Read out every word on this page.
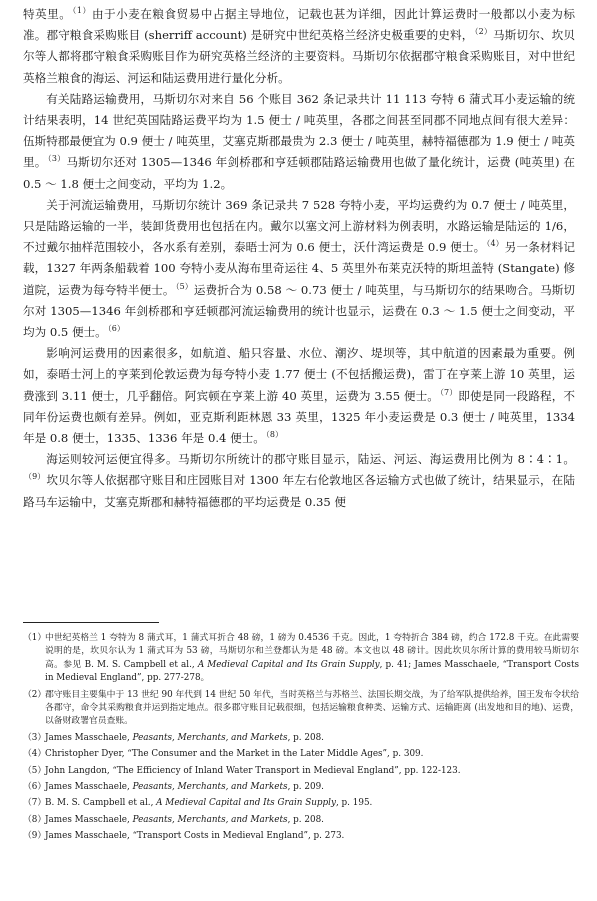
特英里。$^{(1)}$由于小麦在粮食贸易中占据主导地位，记载也甚为详细，因此计算运费时一般都以小麦为标准。郡守粮食采购账目 (sherriff account) 是研究中世纪英格兰经济史极重要的史料，$^{(2)}$马斯切尔、坎贝尔等人都将郡守粮食采购账目作为研究英格兰经济的主要资料。马斯切尔依据郡守粮食采购账目，对中世纪英格兰粮食的海运、河运和陆运费用进行量化分析。

有关陆路运输费用，马斯切尔对来自 56 个账目 362 条记录共计 11 113 夸特 6 蒲式耳小麦运输的统计结果表明，14 世纪英国陆路运费平均为 1.5 便士 / 吨英里，各郡之间甚至同郡不同地点间有很大差异：伍斯特郡最便宜为 0.9 便士 / 吨英里，艾塞克斯郡最贵为 2.3 便士 / 吨英里，赫特福德郡为 1.9 便士 / 吨英里。$^{(3)}$马斯切尔还对 1305—1346 年剑桥郡和亨廷顿郡陆路运输费用也做了量化统计，运费 (吨英里) 在 0.5 ～ 1.8 便士之间变动，平均为 1.2。

关于河流运输费用，马斯切尔统计 369 条记录共 7 528 夸特小麦，平均运费约为 0.7 便士 / 吨英里，只是陆路运输的一半，装卸货费用也包括在内。戴尔以塞文河上游材料为例表明，水路运输是陆运的 1/6，不过戴尔抽样范围较小，各水系有差别，泰晤士河为 0.6 便士，沃什湾运费是 0.9 便士。$^{(4)}$另一条材料记载，1327 年两条船载着 100 夸特小麦从海布里奇运往 4、5 英里外布莱克沃特的斯坦盖特 (Stangate) 修道院，运费为每夸特半便士。$^{(5)}$运费折合为 0.58 ～ 0.73 便士 / 吨英里，与马斯切尔的结果吻合。马斯切尔对 1305—1346 年剑桥郡和亨廷顿郡河流运输费用的统计也显示，运费在 0.3 ～ 1.5 便士之间变动，平均为 0.5 便士。$^{(6)}$

影响河运费用的因素很多，如航道、船只容量、水位、潮汐、堤坝等，其中航道的因素最为重要。例如，泰晤士河上的亨莱到伦敦运费为每夸特小麦 1.77 便士 (不包括搬运费)，雷丁在亨莱上游 10 英里，运费涨到 3.11 便士，几乎翻倍。阿宾顿在亨莱上游 40 英里，运费为 3.55 便士。$^{(7)}$即使是同一段路程，不同年份运费也颇有差异。例如，亚克斯利距林恩 33 英里，1325 年小麦运费是 0.3 便士 / 吨英里，1334 年是 0.8 便士，1335、1336 年是 0.4 便士。$^{(8)}$

海运则较河运便宜得多。马斯切尔所统计的郡守账目显示，陆运、河运、海运费用比例为 8∶4∶1。$^{(9)}$坎贝尔等人依据郡守账目和庄园账目对 1300 年左右伦敦地区各运输方式也做了统计，结果显示，在陆路马车运输中，艾塞克斯郡和赫特福德郡的平均运费是 0.35 便

（1）
中世纪英格兰 1 夸特为 8 蒲式耳，1 蒲式耳折合 48 磅，1 磅为 0.4536 千克。因此，1 夸特折合 384 磅，约合 172.8 千克。在此需要说明的是，坎贝尔认为 1 蒲式耳为 53 磅，马斯切尔和兰登都认为是 48 磅。本文也以 48 磅计。因此坎贝尔所计算的费用较马斯切尔高。参见 B. M. S. Campbell et al., A Medieval Capital and Its Grain Supply, p. 41; James Masschaele, “Transport Costs in Medieval England”, pp. 277-278。
（2）
郡守账目主要集中于 13 世纪 90 年代到 14 世纪 50 年代，当时英格兰与苏格兰、法国长期交战，为了给军队提供给养，国王发布令状给各郡守，命令其采购粮食并运到指定地点。很多郡守账目记载很细，包括运输粮食种类、运输方式、运输距离 (出发地和目的地)、运费，以备财政署官员查账。
（3）
James Masschaele, Peasants, Merchants, and Markets, p. 208.
（4）
Christopher Dyer, “The Consumer and the Market in the Later Middle Ages”, p. 309.
（5）
John Langdon, “The Efficiency of Inland Water Transport in Medieval England”, pp. 122-123.
（6）
James Masschaele, Peasants, Merchants, and Markets, p. 209.
（7）
B. M. S. Campbell et al., A Medieval Capital and Its Grain Supply, p. 195.
（8）
James Masschaele, Peasants, Merchants, and Markets, p. 208.
（9）
James Masschaele, “Transport Costs in Medieval England”, p. 273.
